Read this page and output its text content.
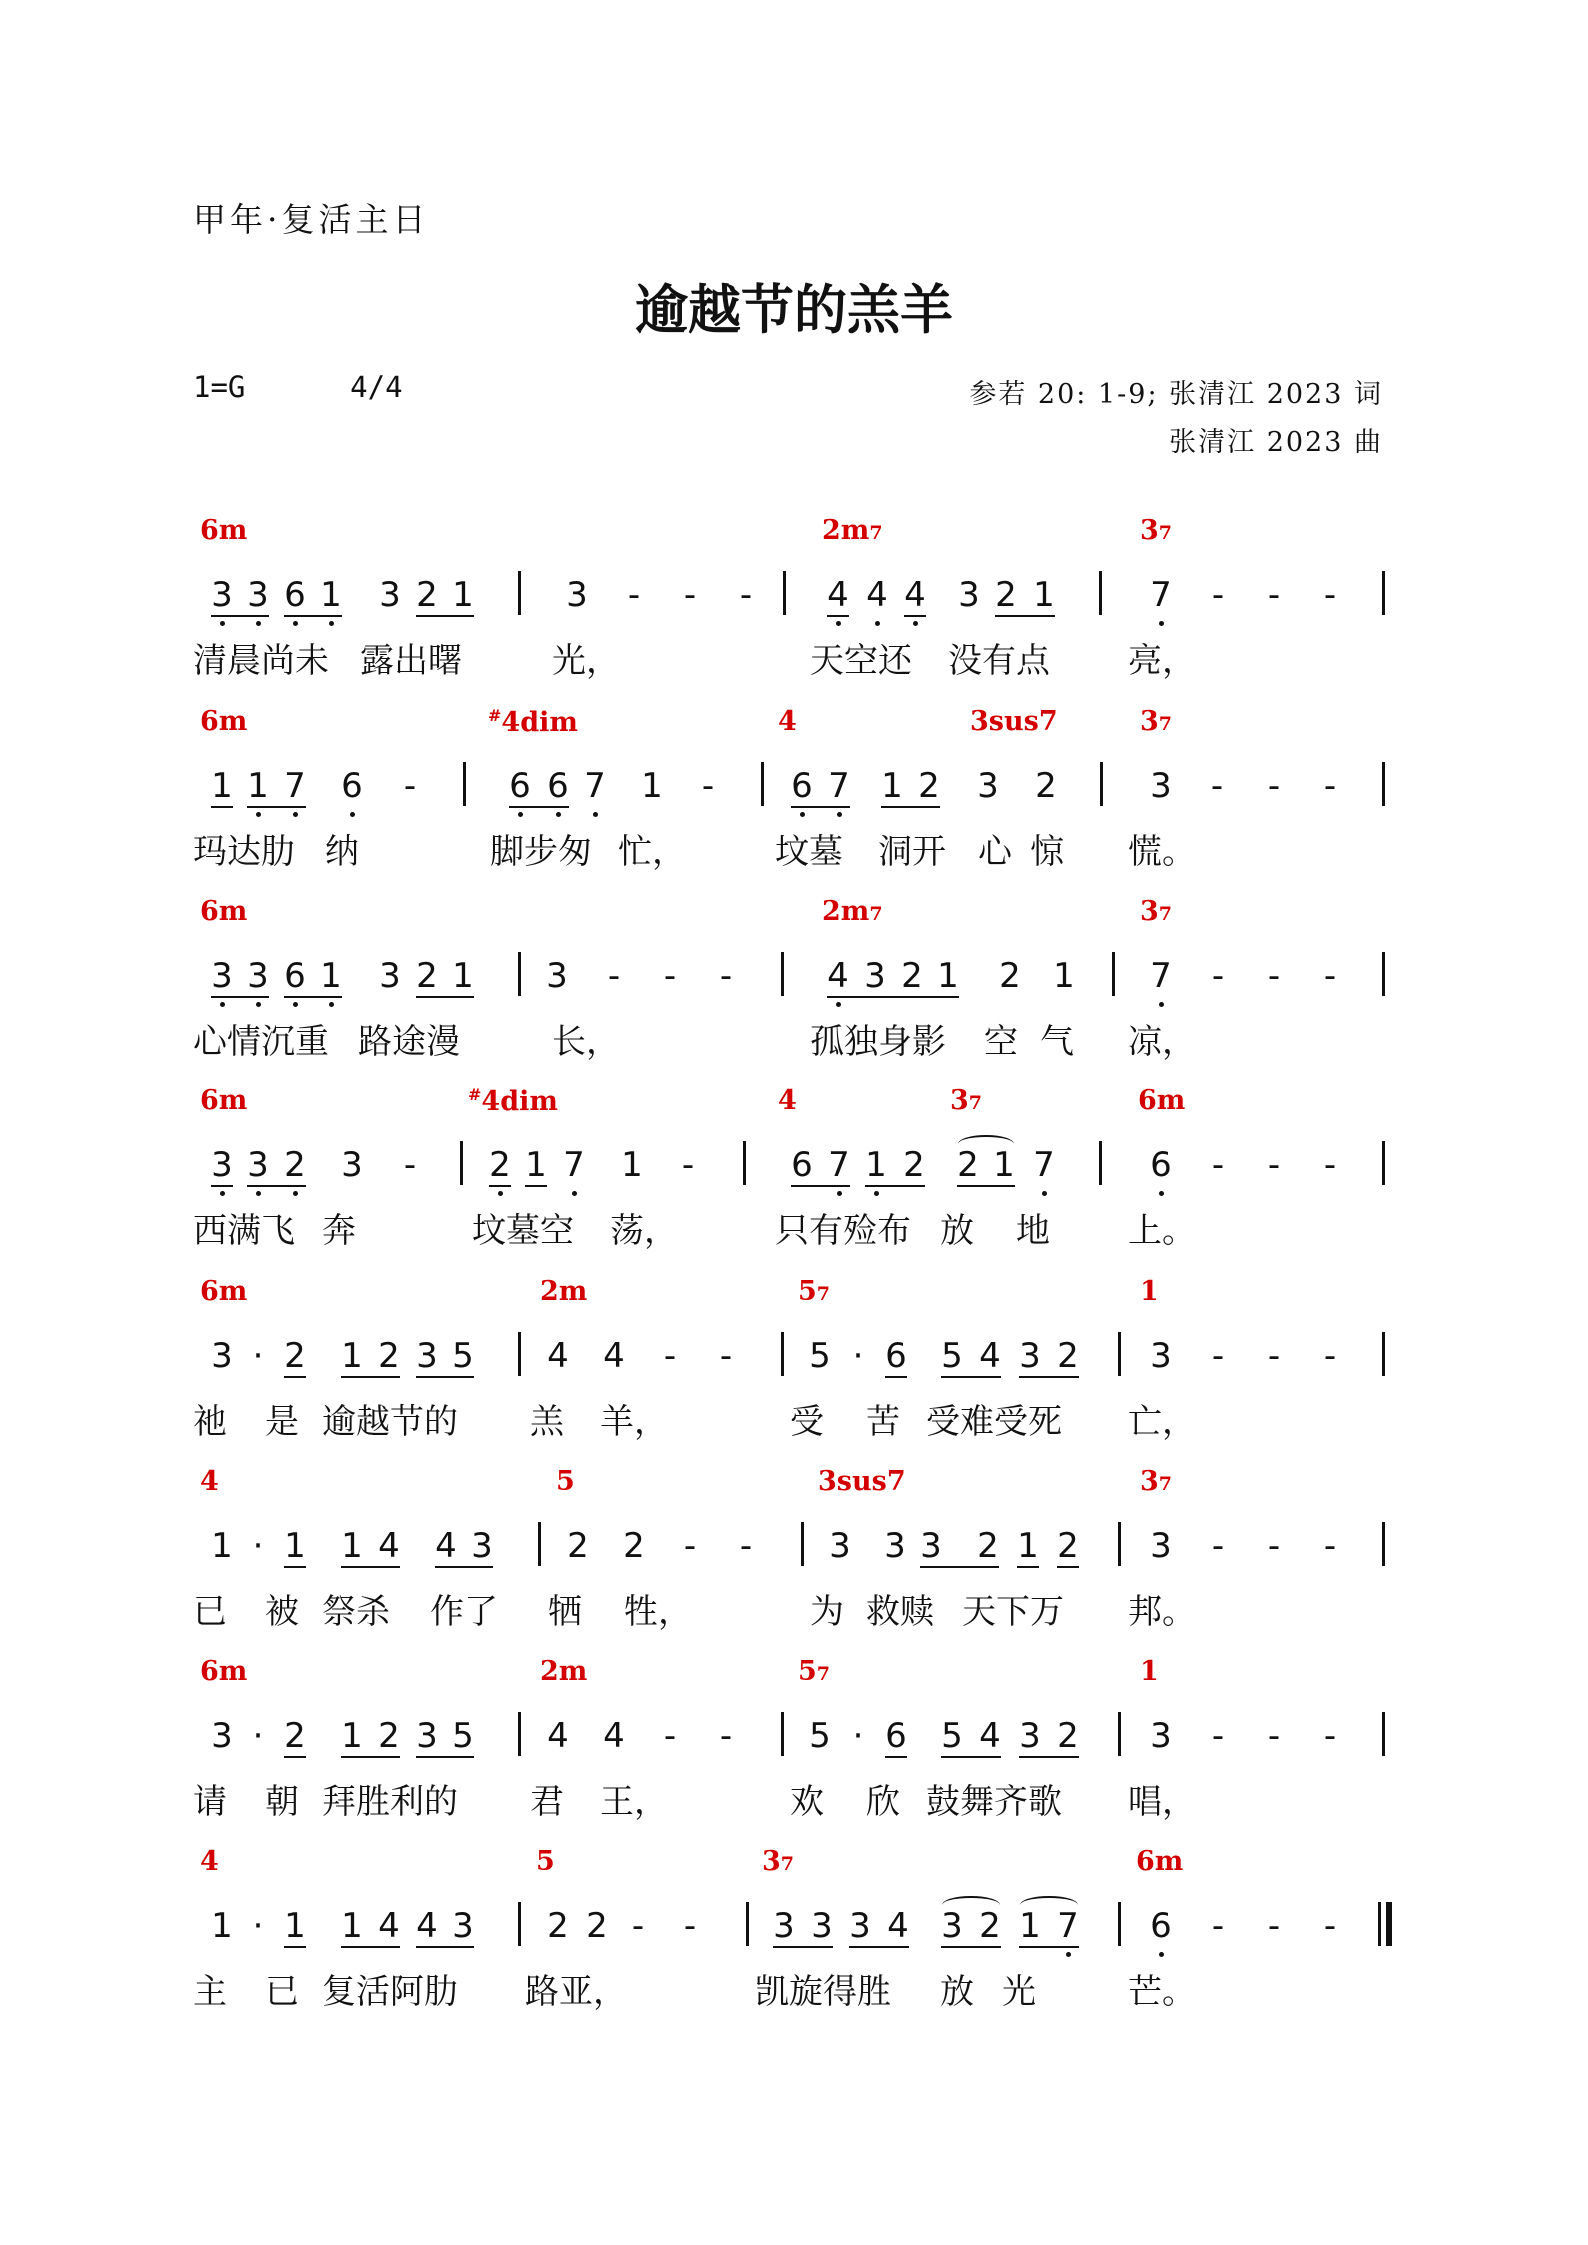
甲年·复活主日
逾越节的羔羊
1=G	4/4	参若 20: 1-9; 张清江 2023 词
张清江 2023 曲
6m	2m7	37
3 3 6 1 3 2 1	3 - - - 4 4 4 3 2 1	7 - - -
清晨尚未 露出曙	光，	天空还 没有点 亮，
6m	#4dim	4	3sus7	37
1 1 7 6 -	6 6 7 1 - 6 7 1 2 3 2	3 - - -
玛达肋 纳	脚步匆 忙，	坟墓 洞开 心 惊 慌。
6m	2m7	37
3 3 6 1 3 2 1 3 - - -	4 3 2 1 2 1 7 - - -
心情沉重 路途漫	长，	孤独身影 空 气 凉，
6m	#4dim	4	37	6m
3 3 2 3 - 2 1 7 1 -	6 7 1 2 2 1 7	6 - - -
西满飞 奔	坟墓空 荡，	只有殓布 放 地 上。
6m	2m	57	1
3 · 2 1 2 3 5 4 4 - - 5 · 6 5 4 3 2 3 - - -
祂 是 逾越节的 羔 羊，	受 苦 受难受死 亡，
4	5	3sus7	37
1 · 1 1 4 4 3 2 2 - - 3 3 3 2 1 2 3 - - -
已 被 祭杀 作了 牺 牲，	为 救赎 天下万 邦。
6m	2m	57	1
3 · 2 1 2 3 5 4 4 - - 5 · 6 5 4 3 2 3 - - -
请 朝 拜胜利的 君 王，	欢 欣 鼓舞齐歌 唱，
4	5	37	6m
1 · 1 1 4 4 3 2 2 - - 3 3 3 4 3 2 1 7 6 - - -
主 已 复活阿肋 路亚，	凯旋得胜 放 光	芒。
